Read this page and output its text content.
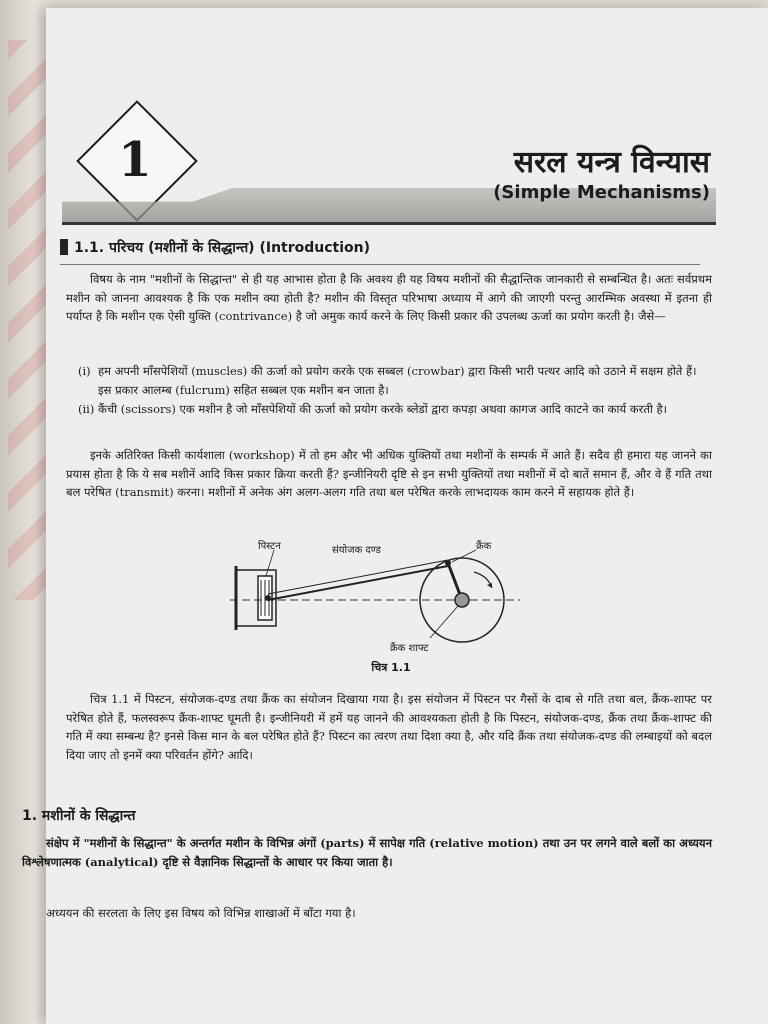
1	सरल यन्त्र विन्यास
(Simple Mechanisms)
1.1. परिचय (मशीनों के सिद्धान्त) (Introduction)
विषय के नाम "मशीनों के सिद्धान्त" से ही यह आभास होता है कि अवश्य ही यह विषय मशीनों की सैद्धान्तिक जानकारी से सम्बन्धित है। अतः सर्वप्रथम मशीन को जानना आवश्यक है कि एक मशीन क्या होती है? मशीन की विस्तृत परिभाषा अध्याय में आगे की जाएगी परन्तु आरम्भिक अवस्था में इतना ही पर्याप्त है कि मशीन एक ऐसी युक्ति (contrivance) है जो अमुक कार्य करने के लिए किसी प्रकार की उपलब्ध ऊर्जा का प्रयोग करती है। जैसे—
(i) हम अपनी माँसपेशियों (muscles) की ऊर्जा को प्रयोग करके एक सब्बल (crowbar) द्वारा किसी भारी पत्थर आदि को उठाने में सक्षम होते हैं। इस प्रकार आलम्ब (fulcrum) सहित सब्बल एक मशीन बन जाता है।
(ii) कैंची (scissors) एक मशीन है जो माँसपेशियों की ऊर्जा को प्रयोग करके ब्लेडों द्वारा कपड़ा अथवा कागज आदि काटने का कार्य करती है।
इनके अतिरिक्त किसी कार्यशाला (workshop) में तो हम और भी अधिक युक्तियों तथा मशीनों के सम्पर्क में आते हैं। सदैव ही हमारा यह जानने का प्रयास होता है कि ये सब मशीनें आदि किस प्रकार क्रिया करती हैं? इन्जीनियरी दृष्टि से इन सभी युक्तियों तथा मशीनों में दो बातें समान हैं, और वे हैं गति तथा बल परेषित (transmit) करना। मशीनों में अनेक अंग अलग-अलग गति तथा बल परेषित करके लाभदायक काम करने में सहायक होते हैं।
पिस्टन	संयोजक दण्ड	क्रैंक
क्रैंक शाफ्ट
चित्र 1.1
चित्र 1.1 में पिस्टन, संयोजक-दण्ड तथा क्रैंक का संयोजन दिखाया गया है। इस संयोजन में पिस्टन पर गैसों के दाब से गति तथा बल, क्रैंक-शाफ्ट पर परेषित होते हैं, फलस्वरूप क्रैंक-शाफ्ट घूमती है। इन्जीनियरी में हमें यह जानने की आवश्यकता होती है कि पिस्टन, संयोजक-दण्ड, क्रैंक तथा क्रैंक-शाफ्ट की गति में क्या सम्बन्ध है? इनसे किस मान के बल परेषित होते हैं? पिस्टन का त्वरण तथा दिशा क्या है, और यदि क्रैंक तथा संयोजक-दण्ड की लम्बाइयों को बदल दिया जाए तो इनमें क्या परिवर्तन होंगे? आदि।
1. मशीनों के सिद्धान्त
संक्षेप में "मशीनों के सिद्धान्त" के अन्तर्गत मशीन के विभिन्न अंगों (parts) में सापेक्ष गति (relative motion) तथा उन पर लगने वाले बलों का अध्ययन विश्लेषणात्मक (analytical) दृष्टि से वैज्ञानिक सिद्धान्तों के आधार पर किया जाता है।
अध्ययन की सरलता के लिए इस विषय को विभिन्न शाखाओं में बाँटा गया है।
